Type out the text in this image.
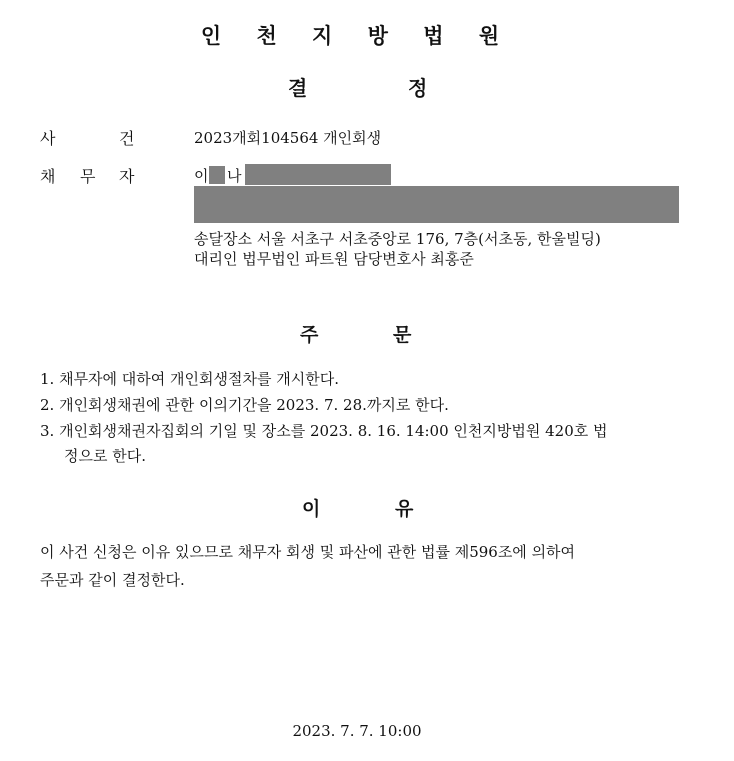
인 천 지 방 법 원
결	정
사	건	2023개회104564 개인회생
채 무 자	이 나
송달장소 서울 서초구 서초중앙로 176, 7층(서초동, 한울빌딩)
대리인 법무법인 파트원 담당변호사 최홍준
주	문
1. 채무자에 대하여 개인회생절차를 개시한다.
2. 개인회생채권에 관한 이의기간을 2023. 7. 28.까지로 한다.
3. 개인회생채권자집회의 기일 및 장소를 2023. 8. 16. 14:00 인천지방법원 420호 법
정으로 한다.
이	유
이 사건 신청은 이유 있으므로 채무자 회생 및 파산에 관한 법률 제596조에 의하여
주문과 같이 결정한다.
2023. 7. 7. 10:00
